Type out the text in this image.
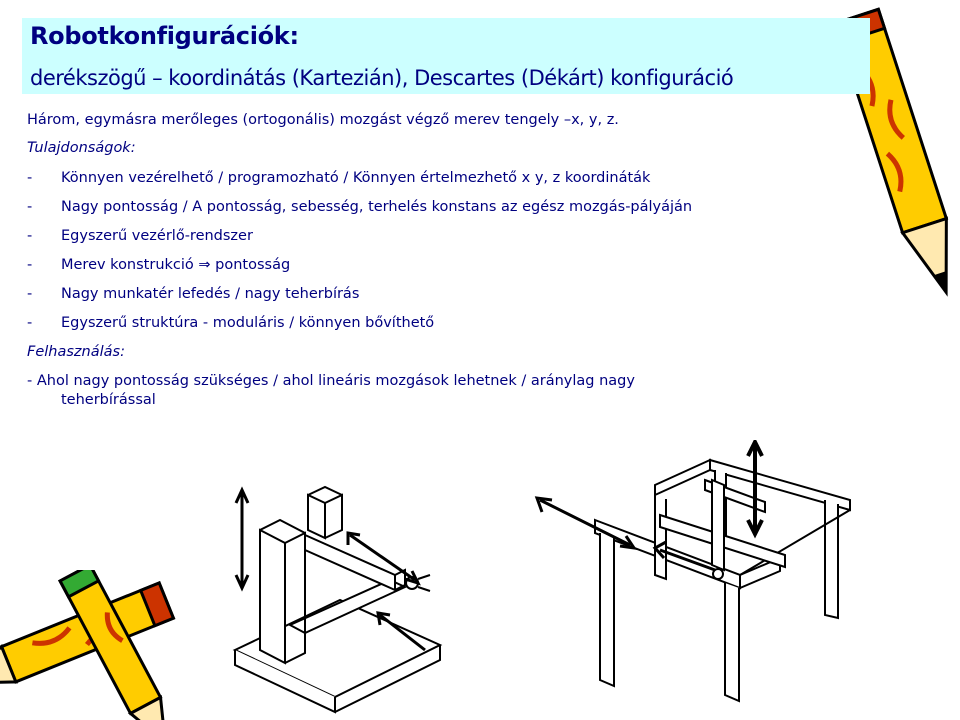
Robotkonfigurációk:
derékszögű – koordinátás (Kartezián), Descartes (Dékárt) konfiguráció
Három, egymásra merőleges (ortogonális) mozgást végző merev tengely –x, y, z.
Tulajdonságok:
- Könnyen vezérelhető / programozható / Könnyen értelmezhető x y, z koordináták
- Nagy pontosság / A pontosság, sebesség, terhelés konstans az egész mozgás-pályáján
- Egyszerű vezérlő-rendszer
- Merev konstrukció ⇒ pontosság
- Nagy munkatér lefedés / nagy teherbírás
- Egyszerű struktúra - moduláris / könnyen bővíthető
Felhasználás:
- Ahol nagy pontosság szükséges / ahol lineáris mozgások lehetnek / aránylag nagy
teherbírással
